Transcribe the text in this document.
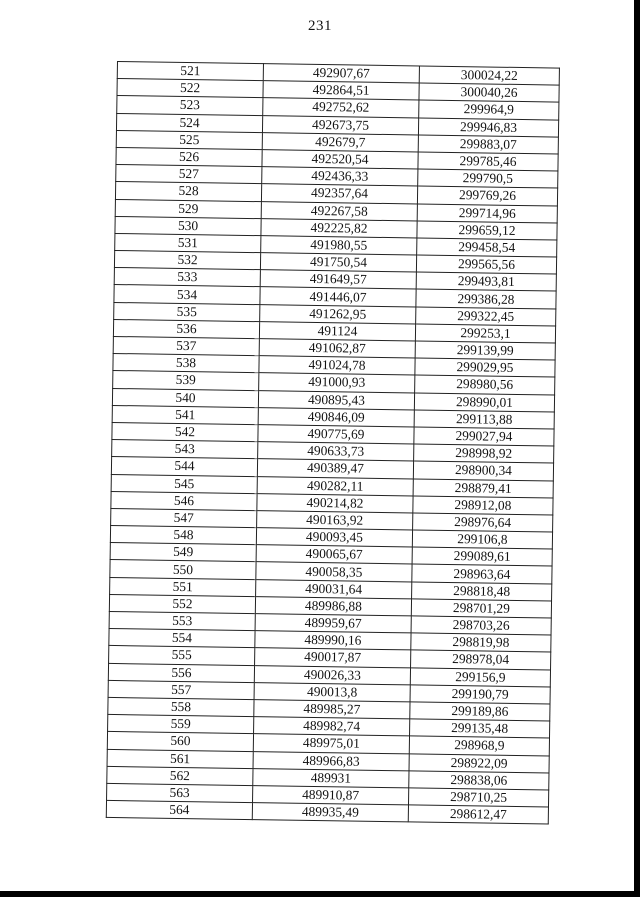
231
521	492907,67	300024,22
522	492864,51	300040,26
523	492752,62	299964,9
524	492673,75	299946,83
525	492679,7	299883,07
526	492520,54	299785,46
527	492436,33	299790,5
528	492357,64	299769,26
529	492267,58	299714,96
530	492225,82	299659,12
531	491980,55	299458,54
532	491750,54	299565,56
533	491649,57	299493,81
534	491446,07	299386,28
535	491262,95	299322,45
536	491124	299253,1
537	491062,87	299139,99
538	491024,78	299029,95
539	491000,93	298980,56
540	490895,43	298990,01
541	490846,09	299113,88
542	490775,69	299027,94
543	490633,73	298998,92
544	490389,47	298900,34
545	490282,11	298879,41
546	490214,82	298912,08
547	490163,92	298976,64
548	490093,45	299106,8
549	490065,67	299089,61
550	490058,35	298963,64
551	490031,64	298818,48
552	489986,88	298701,29
553	489959,67	298703,26
554	489990,16	298819,98
555	490017,87	298978,04
556	490026,33	299156,9
557	490013,8	299190,79
558	489985,27	299189,86
559	489982,74	299135,48
560	489975,01	298968,9
561	489966,83	298922,09
562	489931	298838,06
563	489910,87	298710,25
564	489935,49	298612,47
